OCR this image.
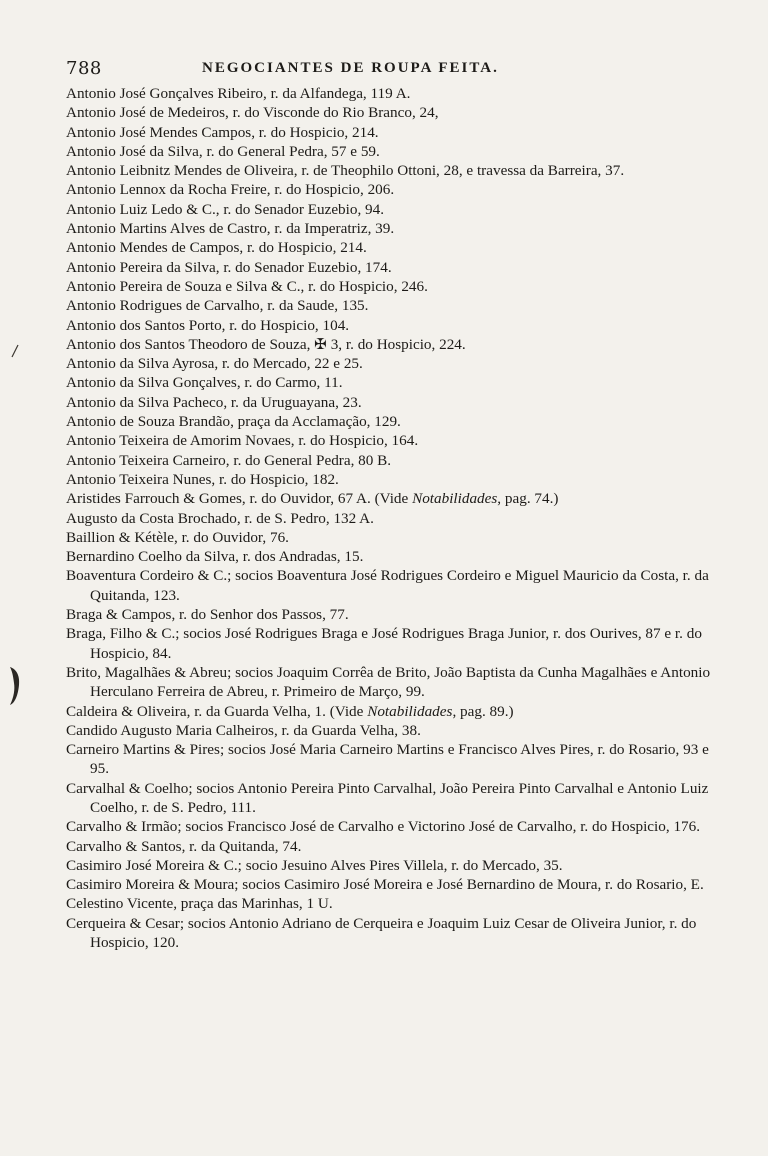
788	NEGOCIANTES DE ROUPA FEITA.

Antonio José Gonçalves Ribeiro, r. da Alfandega, 119 A.

Antonio José de Medeiros, r. do Visconde do Rio Branco, 24,

Antonio José Mendes Campos, r. do Hospicio, 214.

Antonio José da Silva, r. do General Pedra, 57 e 59.

Antonio Leibnitz Mendes de Oliveira, r. de Theophilo Ottoni, 28, e travessa da Barreira, 37.

Antonio Lennox da Rocha Freire, r. do Hospicio, 206.

Antonio Luiz Ledo & C., r. do Senador Euzebio, 94.

Antonio Martins Alves de Castro, r. da Imperatriz, 39.

Antonio Mendes de Campos, r. do Hospicio, 214.

Antonio Pereira da Silva, r. do Senador Euzebio, 174.

Antonio Pereira de Souza e Silva & C., r. do Hospicio, 246.

Antonio Rodrigues de Carvalho, r. da Saude, 135.

Antonio dos Santos Porto, r. do Hospicio, 104.

Antonio dos Santos Theodoro de Souza, ✠ 3, r. do Hospicio, 224.

Antonio da Silva Ayrosa, r. do Mercado, 22 e 25.

Antonio da Silva Gonçalves, r. do Carmo, 11.

Antonio da Silva Pacheco, r. da Uruguayana, 23.

Antonio de Souza Brandão, praça da Acclamação, 129.

Antonio Teixeira de Amorim Novaes, r. do Hospicio, 164.

Antonio Teixeira Carneiro, r. do General Pedra, 80 B.

Antonio Teixeira Nunes, r. do Hospicio, 182.

Aristides Farrouch & Gomes, r. do Ouvidor, 67 A. (Vide Notabilidades, pag. 74.)

Augusto da Costa Brochado, r. de S. Pedro, 132 A.

Baillion & Kétèle, r. do Ouvidor, 76.

Bernardino Coelho da Silva, r. dos Andradas, 15.

Boaventura Cordeiro & C.; socios Boaventura José Rodrigues Cordeiro e Miguel Mauricio da Costa, r. da Quitanda, 123.

Braga & Campos, r. do Senhor dos Passos, 77.

Braga, Filho & C.; socios José Rodrigues Braga e José Rodrigues Braga Junior, r. dos Ourives, 87 e r. do Hospicio, 84.

Brito, Magalhães & Abreu; socios Joaquim Corrêa de Brito, João Baptista da Cunha Magalhães e Antonio Herculano Ferreira de Abreu, r. Primeiro de Março, 99.

Caldeira & Oliveira, r. da Guarda Velha, 1. (Vide Notabilidades, pag. 89.)

Candido Augusto Maria Calheiros, r. da Guarda Velha, 38.

Carneiro Martins & Pires; socios José Maria Carneiro Martins e Francisco Alves Pires, r. do Rosario, 93 e 95.

Carvalhal & Coelho; socios Antonio Pereira Pinto Carvalhal, João Pereira Pinto Carvalhal e Antonio Luiz Coelho, r. de S. Pedro, 111.

Carvalho & Irmão; socios Francisco José de Carvalho e Victorino José de Carvalho, r. do Hospicio, 176.

Carvalho & Santos, r. da Quitanda, 74.

Casimiro José Moreira & C.; socio Jesuino Alves Pires Villela, r. do Mercado, 35.

Casimiro Moreira & Moura; socios Casimiro José Moreira e José Bernardino de Moura, r. do Rosario, E.

Celestino Vicente, praça das Marinhas, 1 U.

Cerqueira & Cesar; socios Antonio Adriano de Cerqueira e Joaquim Luiz Cesar de Oliveira Junior, r. do Hospicio, 120.
